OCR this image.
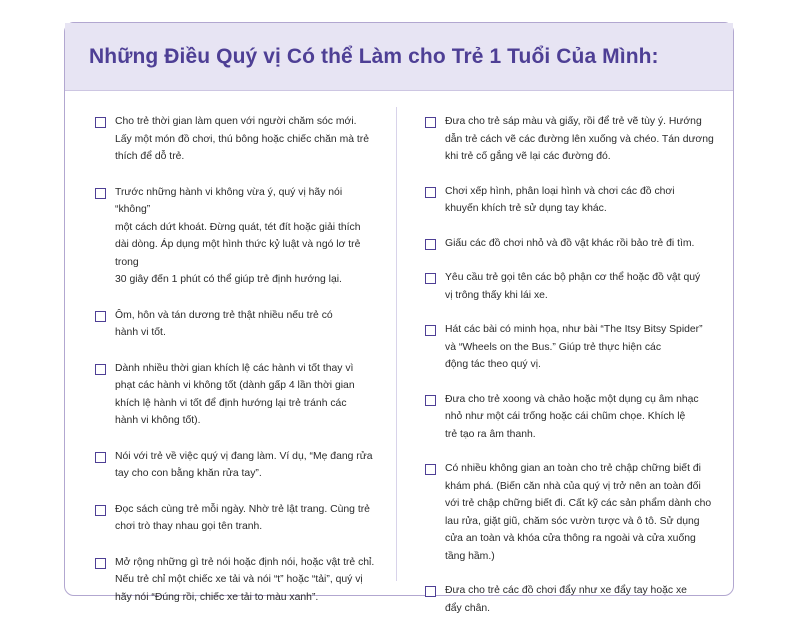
Những Điều Quý vị Có thể Làm cho Trẻ 1 Tuổi Của Mình:
Cho trẻ thời gian làm quen với người chăm sóc mới.
Lấy một món đồ chơi, thú bông hoặc chiếc chăn mà trẻ
thích để dỗ trẻ.
Trước những hành vi không vừa ý, quý vị hãy nói “không”
một cách dứt khoát. Đừng quát, tét đít hoặc giải thích
dài dòng. Áp dụng một hình thức kỷ luật và ngó lơ trẻ trong
30 giây đến 1 phút có thể giúp trẻ định hướng lại.
Ôm, hôn và tán dương trẻ thật nhiều nếu trẻ có
hành vi tốt.
Dành nhiều thời gian khích lệ các hành vi tốt thay vì
phạt các hành vi không tốt (dành gấp 4 lần thời gian
khích lệ hành vi tốt để định hướng lại trẻ tránh các
hành vi không tốt).
Nói với trẻ về việc quý vị đang làm. Ví dụ, “Mẹ đang rửa
tay cho con bằng khăn rửa tay”.
Đọc sách cùng trẻ mỗi ngày. Nhờ trẻ lật trang. Cùng trẻ
chơi trò thay nhau gọi tên tranh.
Mở rộng những gì trẻ nói hoặc định nói, hoặc vật trẻ chỉ.
Nếu trẻ chỉ một chiếc xe tải và nói “t” hoặc “tải”, quý vị
hãy nói “Đúng rồi, chiếc xe tải to màu xanh”.
Đưa cho trẻ sáp màu và giấy, rồi để trẻ vẽ tùy ý. Hướng
dẫn trẻ cách vẽ các đường lên xuống và chéo. Tán dương
khi trẻ cố gắng vẽ lại các đường đó.
Chơi xếp hình, phân loại hình và chơi các đồ chơi
khuyến khích trẻ sử dụng tay khác.
Giấu các đồ chơi nhỏ và đồ vật khác rồi bảo trẻ đi tìm.
Yêu cầu trẻ gọi tên các bộ phận cơ thể hoặc đồ vật quý
vị trông thấy khi lái xe.
Hát các bài có minh họa, như bài “The Itsy Bitsy Spider”
và “Wheels on the Bus.” Giúp trẻ thực hiện các
động tác theo quý vị.
Đưa cho trẻ xoong và chảo hoặc một dụng cụ âm nhạc
nhỏ như một cái trống hoặc cái chũm chọe. Khích lệ
trẻ tạo ra âm thanh.
Có nhiều không gian an toàn cho trẻ chập chững biết đi
khám phá. (Biến căn nhà của quý vị trở nên an toàn đối
với trẻ chập chững biết đi. Cất kỹ các sản phẩm dành cho
lau rửa, giặt giũ, chăm sóc vườn tược và ô tô. Sử dụng
cửa an toàn và khóa cửa thông ra ngoài và cửa xuống
tầng hầm.)
Đưa cho trẻ các đồ chơi đẩy như xe đẩy tay hoặc xe
đẩy chân.
